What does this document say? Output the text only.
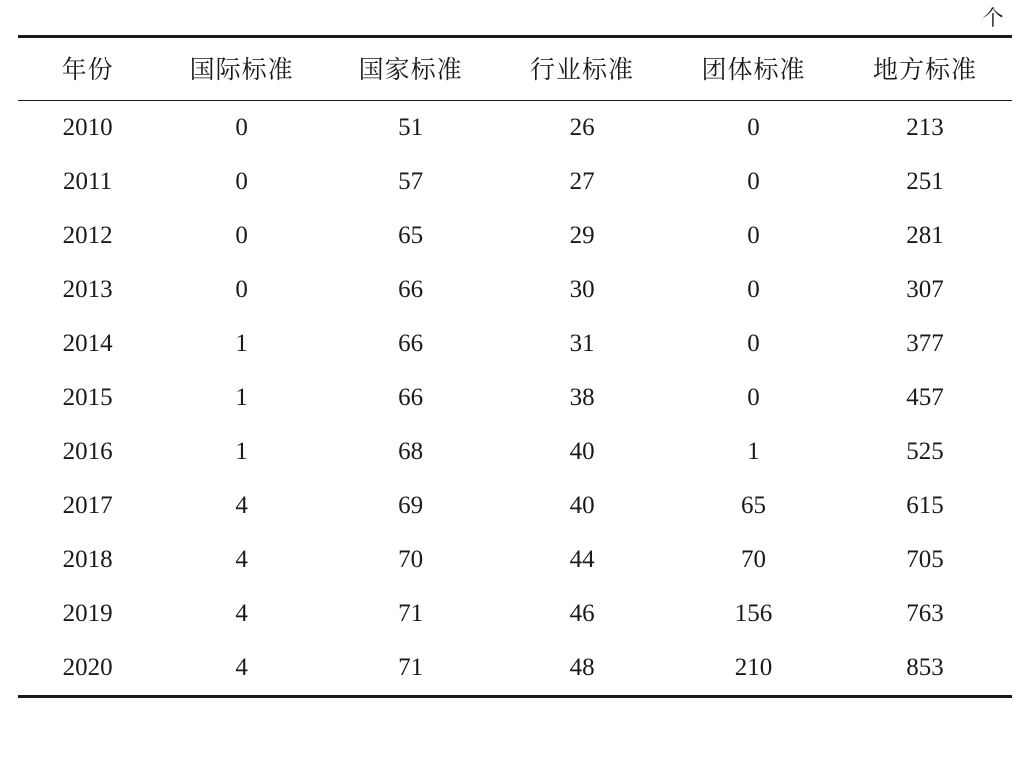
个
年份	国际标准	国家标准	行业标准	团体标准	地方标准
2010	0	51	26	0	213
2011	0	57	27	0	251
2012	0	65	29	0	281
2013	0	66	30	0	307
2014	1	66	31	0	377
2015	1	66	38	0	457
2016	1	68	40	1	525
2017	4	69	40	65	615
2018	4	70	44	70	705
2019	4	71	46	156	763
2020	4	71	48	210	853
